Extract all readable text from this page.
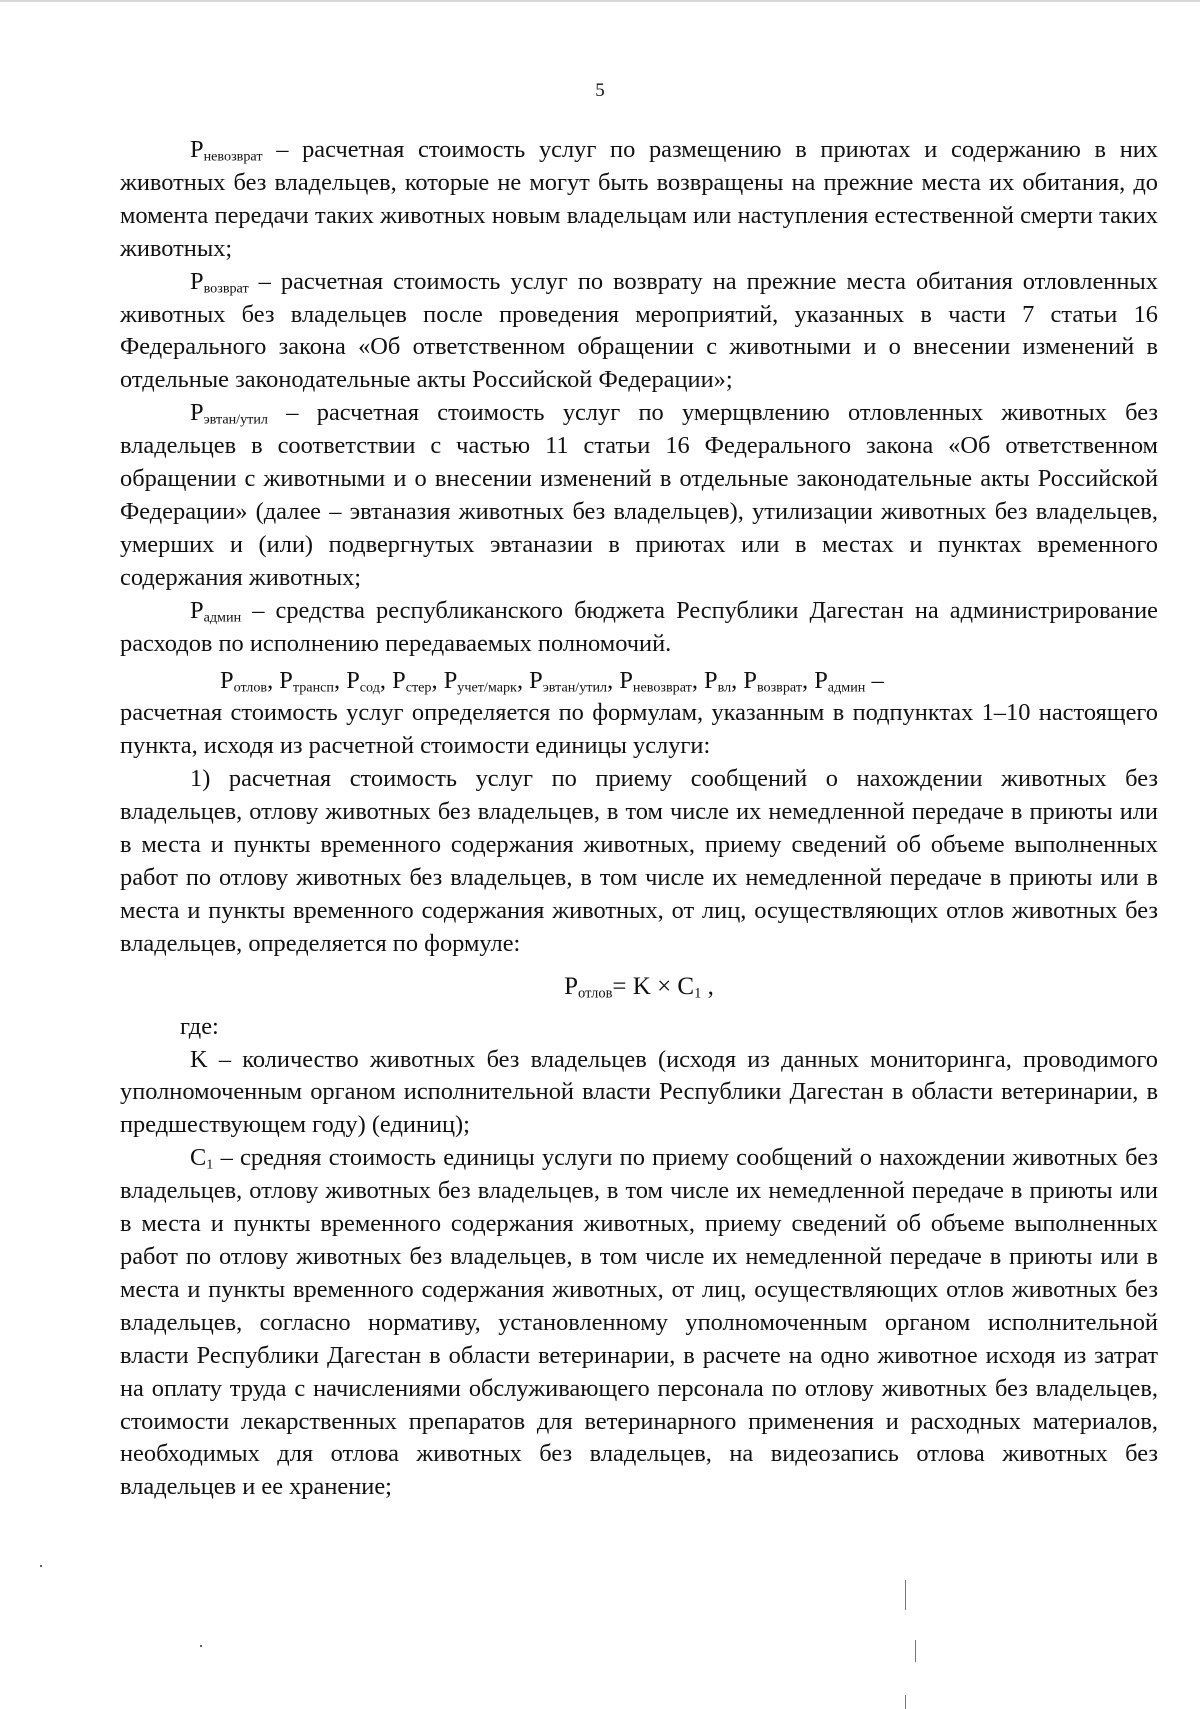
5

$P_{невозврат}$ – расчетная стоимость услуг по размещению в приютах и содержанию в них животных без владельцев, которые не могут быть возвращены на прежние места их обитания, до момента передачи таких животных новым владельцам или наступления естественной смерти таких животных;

$P_{возврат}$ – расчетная стоимость услуг по возврату на прежние места обитания отловленных животных без владельцев после проведения мероприятий, указанных в части 7 статьи 16 Федерального закона «Об ответственном обращении с животными и о внесении изменений в отдельные законодательные акты Российской Федерации»;

$P_{эвтан/утил}$ – расчетная стоимость услуг по умерщвлению отловленных животных без владельцев в соответствии с частью 11 статьи 16 Федерального закона «Об ответственном обращении с животными и о внесении изменений в отдельные законодательные акты Российской Федерации» (далее – эвтаназия животных без владельцев), утилизации животных без владельцев, умерших и (или) подвергнутых эвтаназии в приютах или в местах и пунктах временного содержания животных;

$P_{админ}$ – средства республиканского бюджета Республики Дагестан на администрирование расходов по исполнению передаваемых полномочий.

$P_{отлов}$, $P_{трансп}$, $P_{сод}$, $P_{стер}$, $P_{учет/марк}$, $P_{эвтан/утил}$, $P_{невозврат}$, $P_{вл}$, $P_{возврат}$, $P_{админ}$ –
расчетная стоимость услуг определяется по формулам, указанным в подпунктах 1–10 настоящего пункта, исходя из расчетной стоимости единицы услуги:

1) расчетная стоимость услуг по приему сообщений о нахождении животных без владельцев, отлову животных без владельцев, в том числе их немедленной передаче в приюты или в места и пункты временного содержания животных, приему сведений об объеме выполненных работ по отлову животных без владельцев, в том числе их немедленной передаче в приюты или в места и пункты временного содержания животных, от лиц, осуществляющих отлов животных без владельцев, определяется по формуле:

$P_{отлов}= K \times C_1$ ,

где:

K – количество животных без владельцев (исходя из данных мониторинга, проводимого уполномоченным органом исполнительной власти Республики Дагестан в области ветеринарии, в предшествующем году) (единиц);

$C_1$ – средняя стоимость единицы услуги по приему сообщений о нахождении животных без владельцев, отлову животных без владельцев, в том числе их немедленной передаче в приюты или в места и пункты временного содержания животных, приему сведений об объеме выполненных работ по отлову животных без владельцев, в том числе их немедленной передаче в приюты или в места и пункты временного содержания животных, от лиц, осуществляющих отлов животных без владельцев, согласно нормативу, установленному уполномоченным органом исполнительной власти Республики Дагестан в области ветеринарии, в расчете на одно животное исходя из затрат на оплату труда с начислениями обслуживающего персонала по отлову животных без владельцев, стоимости лекарственных препаратов для ветеринарного применения и расходных материалов, необходимых для отлова животных без владельцев, на видеозапись отлова животных без владельцев и ее хранение;
